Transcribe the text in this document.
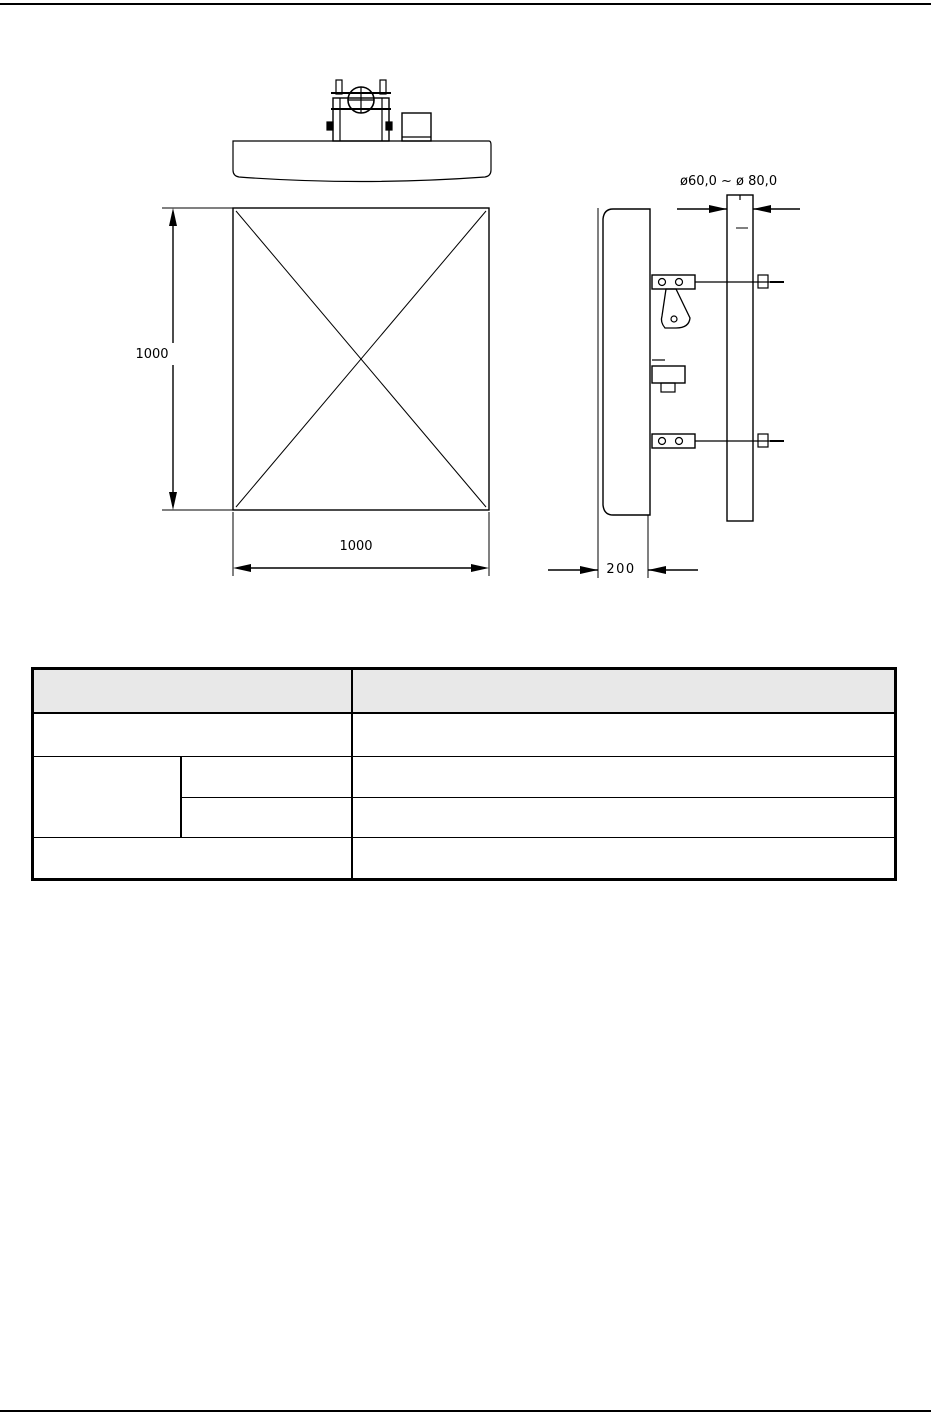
1000
1000
ø60,0 ~ ø 80,0
200
